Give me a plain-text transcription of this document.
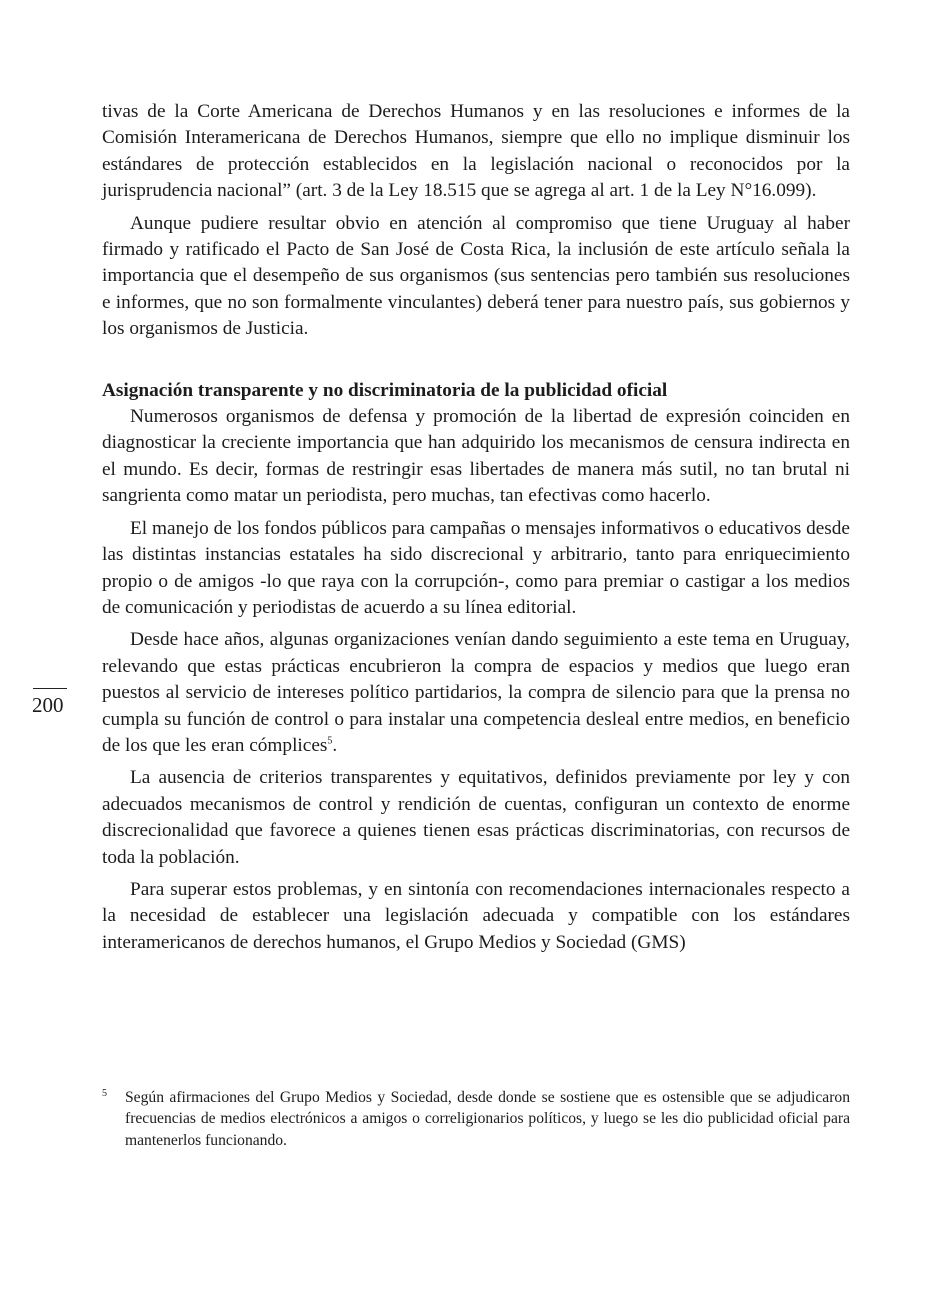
tivas de la Corte Americana de Derechos Humanos y en las resoluciones e informes de la Comisión Interamericana de Derechos Humanos, siempre que ello no implique disminuir los estándares de protección establecidos en la legislación nacional o reconocidos por la jurisprudencia nacional” (art. 3 de la Ley 18.515 que se agrega al art. 1 de la Ley N°16.099).

Aunque pudiere resultar obvio en atención al compromiso que tiene Uruguay al haber firmado y ratificado el Pacto de San José de Costa Rica, la inclusión de este artículo señala la importancia que el desempeño de sus organismos (sus sentencias pero también sus resoluciones e informes, que no son formalmente vinculantes) deberá tener para nuestro país, sus gobiernos y los organismos de Justicia.

Asignación transparente y no discriminatoria de la publicidad oficial

Numerosos organismos de defensa y promoción de la libertad de expresión coinciden en diagnosticar la creciente importancia que han adquirido los mecanismos de censura indirecta en el mundo. Es decir, formas de restringir esas libertades de manera más sutil, no tan brutal ni sangrienta como matar un periodista, pero muchas, tan efectivas como hacerlo.

El manejo de los fondos públicos para campañas o mensajes informativos o educativos desde las distintas instancias estatales ha sido discrecional y arbitrario, tanto para enriquecimiento propio o de amigos -lo que raya con la corrupción-, como para premiar o castigar a los medios de comunicación y periodistas de acuerdo a su línea editorial.

Desde hace años, algunas organizaciones venían dando seguimiento a este tema en Uruguay, relevando que estas prácticas encubrieron la compra de espacios y medios que luego eran puestos al servicio de intereses político partidarios, la compra de silencio para que la prensa no cumpla su función de control o para instalar una competencia desleal entre medios, en beneficio de los que les eran cómplices$^5$.

La ausencia de criterios transparentes y equitativos, definidos previamente por ley y con adecuados mecanismos de control y rendición de cuentas, configuran un contexto de enorme discrecionalidad que favorece a quienes tienen esas prácticas discriminatorias, con recursos de toda la población.

Para superar estos problemas, y en sintonía con recomendaciones internacionales respecto a la necesidad de establecer una legislación adecuada y compatible con los estándares interamericanos de derechos humanos, el Grupo Medios y Sociedad (GMS)

200
5 Según afirmaciones del Grupo Medios y Sociedad, desde donde se sostiene que es ostensible que se adjudicaron frecuencias de medios electrónicos a amigos o correligionarios políticos, y luego se les dio publicidad oficial para mantenerlos funcionando.
